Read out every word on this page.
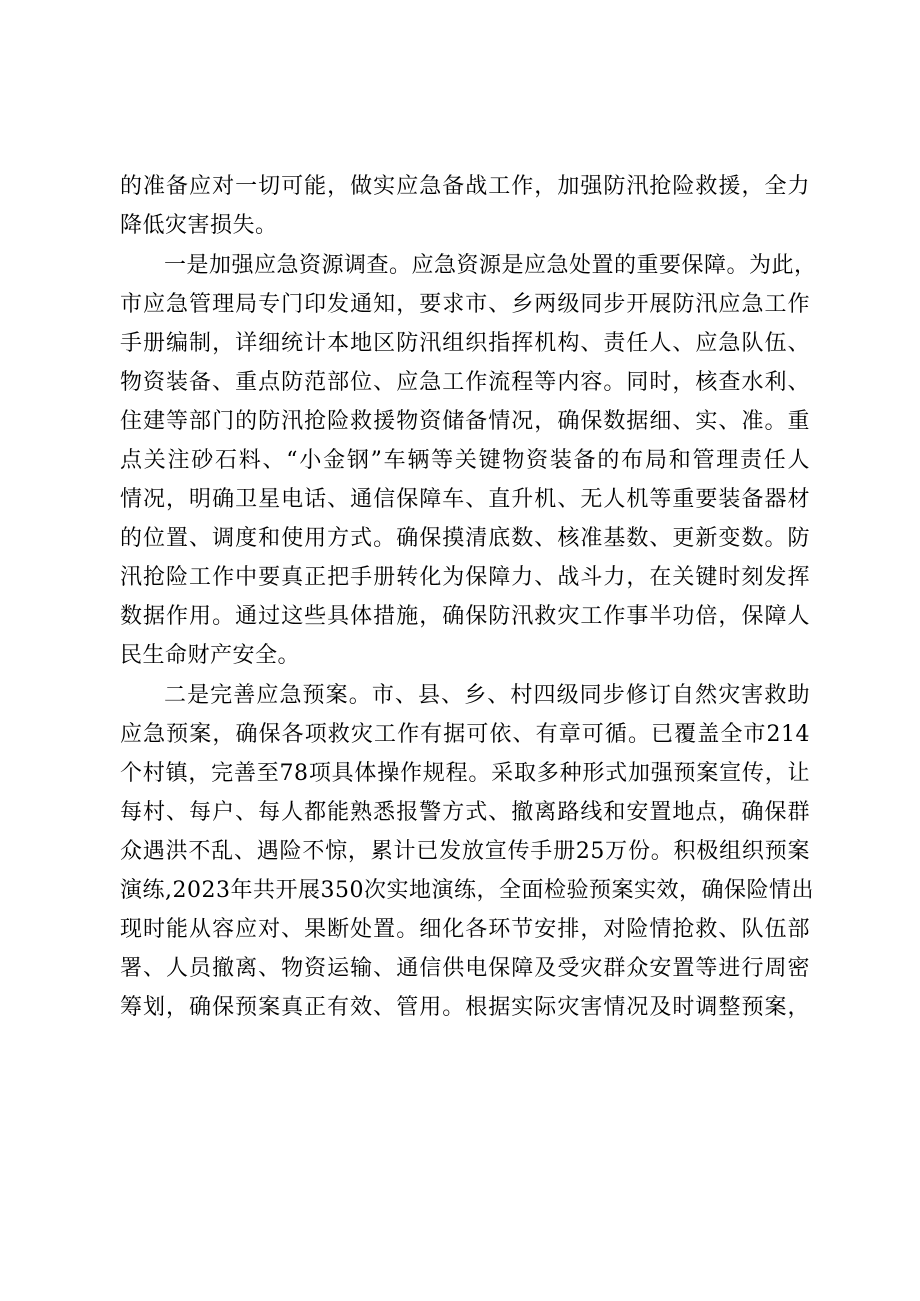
的准备应对一切可能，做实应急备战工作，加强防汛抢险救援，全力
降低灾害损失。
一是加强应急资源调查。应急资源是应急处置的重要保障。为此，
市应急管理局专门印发通知，要求市、乡两级同步开展防汛应急工作
手册编制，详细统计本地区防汛组织指挥机构、责任人、应急队伍、
物资装备、重点防范部位、应急工作流程等内容。同时，核查水利、
住建等部门的防汛抢险救援物资储备情况，确保数据细、实、准。重
点关注砂石料、“小金钢”车辆等关键物资装备的布局和管理责任人
情况，明确卫星电话、通信保障车、直升机、无人机等重要装备器材
的位置、调度和使用方式。确保摸清底数、核准基数、更新变数。防
汛抢险工作中要真正把手册转化为保障力、战斗力，在关键时刻发挥
数据作用。通过这些具体措施，确保防汛救灾工作事半功倍，保障人
民生命财产安全。
二是完善应急预案。市、县、乡、村四级同步修订自然灾害救助
应急预案，确保各项救灾工作有据可依、有章可循。已覆盖全市214
个村镇，完善至78项具体操作规程。采取多种形式加强预案宣传，让
每村、每户、每人都能熟悉报警方式、撤离路线和安置地点，确保群
众遇洪不乱、遇险不惊，累计已发放宣传手册25万份。积极组织预案
演练,2023年共开展350次实地演练，全面检验预案实效，确保险情出
现时能从容应对、果断处置。细化各环节安排，对险情抢救、队伍部
署、人员撤离、物资运输、通信供电保障及受灾群众安置等进行周密
筹划，确保预案真正有效、管用。根据实际灾害情况及时调整预案，
